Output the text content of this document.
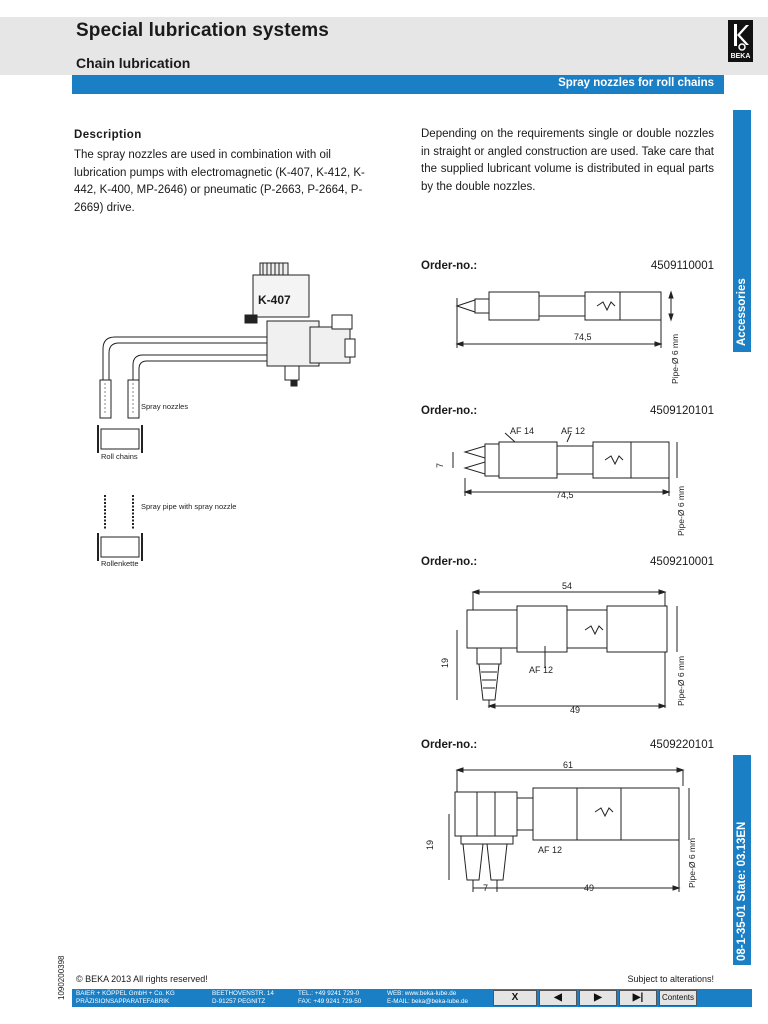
Special lubrication systems
Chain lubrication	BEKA
Spray nozzles for roll chains
Accessories
08-1-35-01 State: 03.13EN
Description
The spray nozzles are used in combination with oil lubrication pumps with electromagnetic (K-407, K-412, K-442, K-400, MP-2646) or pneumatic (P-2663, P-2664, P-2669) drive.
Depending on the requirements single or double nozzles in straight or angled construction are used. Take care that the supplied lubricant volume is distributed in equal parts by the double nozzles.
K-407
Spray nozzles
Roll chains
Spray pipe with spray nozzle
Rollenkette
Order-no.:	4509110001
74,5	Pipe-Ø 6 mm
Order-no.:	4509120101
AF 14	AF 12
7
74,5	Pipe-Ø 6 mm
Order-no.:	4509210001
54
19
AF 12
49
Pipe-Ø 6 mm
Order-no.:	4509220101
61
19	AF 12
7	49	Pipe-Ø 6 mm
1090200398 © BEKA 2013 All rights reserved!	Subject to alterations!
BAIER + KÖPPEL GmbH + Co. KG
PRÄZISIONSAPPARATEFABRIK
BEETHOVENSTR. 14
D-91257 PEGNITZ
TEL.: +49 9241 729-0
FAX: +49 9241 729-50
WEB: www.beka-lube.de
E-MAIL: beka@beka-lube.de	X	◀	▶	▶|	Contents
